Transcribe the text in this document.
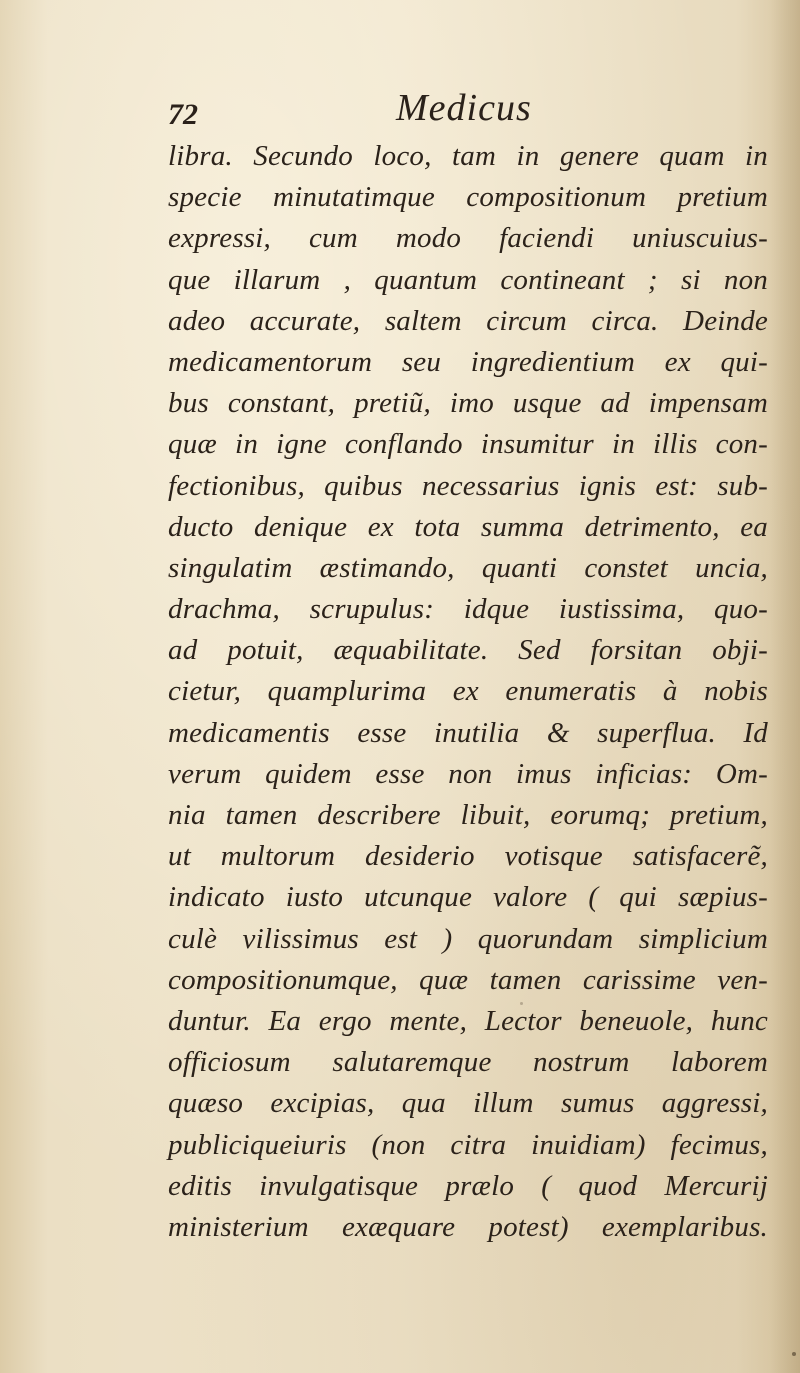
72	Medicus
libra. Secundo loco, tam in genere quam in
specie minutatimque compositionum pretium
expressi, cum modo faciendi uniuscuius-
que illarum , quantum contineant ; si non
adeo accurate, saltem circum circa. Deinde
medicamentorum seu ingredientium ex qui-
bus constant, pretiũ, imo usque ad impensam
quæ in igne conflando insumitur in illis con-
fectionibus, quibus necessarius ignis est: sub-
ducto denique ex tota summa detrimento, ea
singulatim æstimando, quanti constet uncia,
drachma, scrupulus: idque iustissima, quo-
ad potuit, æquabilitate. Sed forsitan obji-
cietur, quamplurima ex enumeratis à nobis
medicamentis esse inutilia & superflua. Id
verum quidem esse non imus inficias: Om-
nia tamen describere libuit, eorumq; pretium,
ut multorum desiderio votisque satisfacerẽ,
indicato iusto utcunque valore ( qui sæpius-
culè vilissimus est ) quorundam simplicium
compositionumque, quæ tamen carissime ven-
duntur. Ea ergo mente, Lector beneuole, hunc
officiosum salutaremque nostrum laborem
quæso excipias, qua illum sumus aggressi,
publiciqueiuris (non citra inuidiam) fecimus,
editis invulgatisque prælo ( quod Mercurij
ministerium exæquare potest) exemplaribus.
